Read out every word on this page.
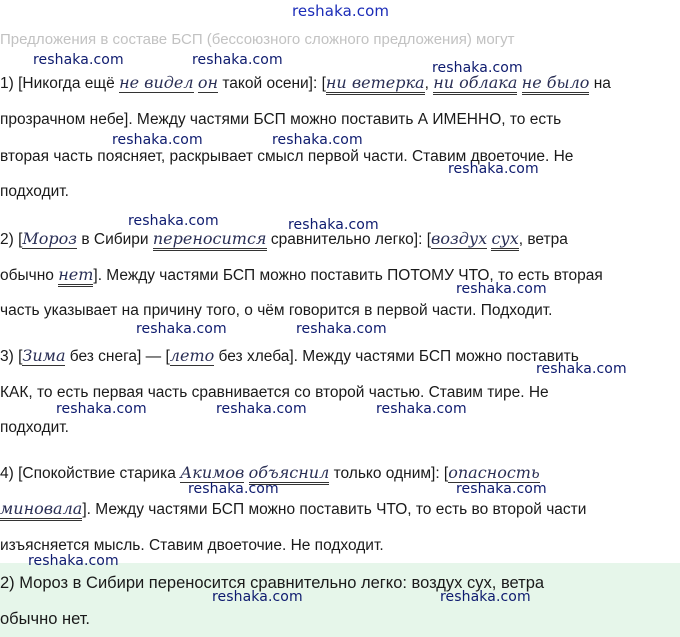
reshaka.com
Предложения в составе БСП (бессоюзного сложного предложения) могут
1) [Никогда ещё не видел он такой осени]: [ни ветерка, ни облака не было на
прозрачном небе]. Между частями БСП можно поставить А ИМЕННО, то есть
вторая часть поясняет, раскрывает смысл первой части. Ставим двоеточие. Не
подходит.
2) [Мороз в Сибири переносится сравнительно легко]: [воздух сух, ветра
обычно нет]. Между частями БСП можно поставить ПОТОМУ ЧТО, то есть вторая
часть указывает на причину того, о чём говорится в первой части. Подходит.
3) [Зима без снега] — [лето без хлеба]. Между частями БСП можно поставить
КАК, то есть первая часть сравнивается со второй частью. Ставим тире. Не
подходит.
4) [Спокойствие старика Акимов объяснил только одним]: [опасность
миновала]. Между частями БСП можно поставить ЧТО, то есть во второй части
изъясняется мысль. Ставим двоеточие. Не подходит.
2) Мороз в Сибири переносится сравнительно легко: воздух сух, ветра
обычно нет.
reshaka.com	reshaka.com	reshaka.com
reshaka.com	reshaka.com
reshaka.com
reshaka.com	reshaka.com
reshaka.com
reshaka.com	reshaka.com
reshaka.com
reshaka.com	reshaka.com	reshaka.com
reshaka.com	reshaka.com
reshaka.com
reshaka.com	reshaka.com
